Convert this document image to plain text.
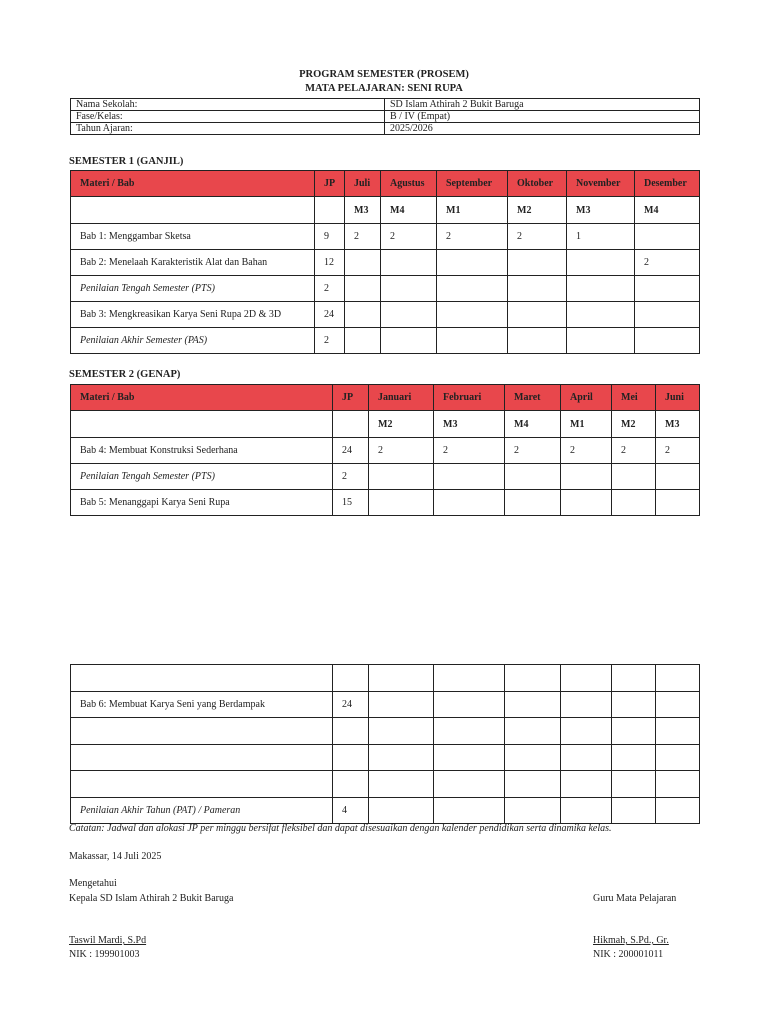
PROGRAM SEMESTER (PROSEM)
MATA PELAJARAN: SENI RUPA
Nama Sekolah:	SD Islam Athirah 2 Bukit Baruga
Fase/Kelas:	B / IV (Empat)
Tahun Ajaran:	2025/2026
SEMESTER 1 (GANJIL)
Materi / Bab	JP	Juli	Agustus	September	Oktober	November	Desember
		M3	M4	M1	M2	M3	M4
Bab 1: Menggambar Sketsa	9	2	2	2	2	1	
Bab 2: Menelaah Karakteristik Alat dan Bahan	12						2
Penilaian Tengah Semester (PTS)	2						
Bab 3: Mengkreasikan Karya Seni Rupa 2D & 3D	24						
Penilaian Akhir Semester (PAS)	2						
SEMESTER 2 (GENAP)
Materi / Bab	JP	Januari	Februari	Maret	April	Mei	Juni
		M2	M3	M4	M1	M2	M3
Bab 4: Membuat Konstruksi Sederhana	24	2	2	2	2	2	2
Penilaian Tengah Semester (PTS)	2						
Bab 5: Menanggapi Karya Seni Rupa	15						

Bab 6: Membuat Karya Seni yang Berdampak	24						

Penilaian Akhir Tahun (PAT) / Pameran	4						
Catatan: Jadwal dan alokasi JP per minggu bersifat fleksibel dan dapat disesuaikan dengan kalender pendidikan serta dinamika kelas.
Makassar, 14 Juli 2025
Mengetahui
Kepala SD Islam Athirah 2 Bukit Baruga
Taswil Mardi, S.Pd
NIK : 199901003
Guru Mata Pelajaran
Hikmah, S.Pd., Gr.
NIK : 200001011
